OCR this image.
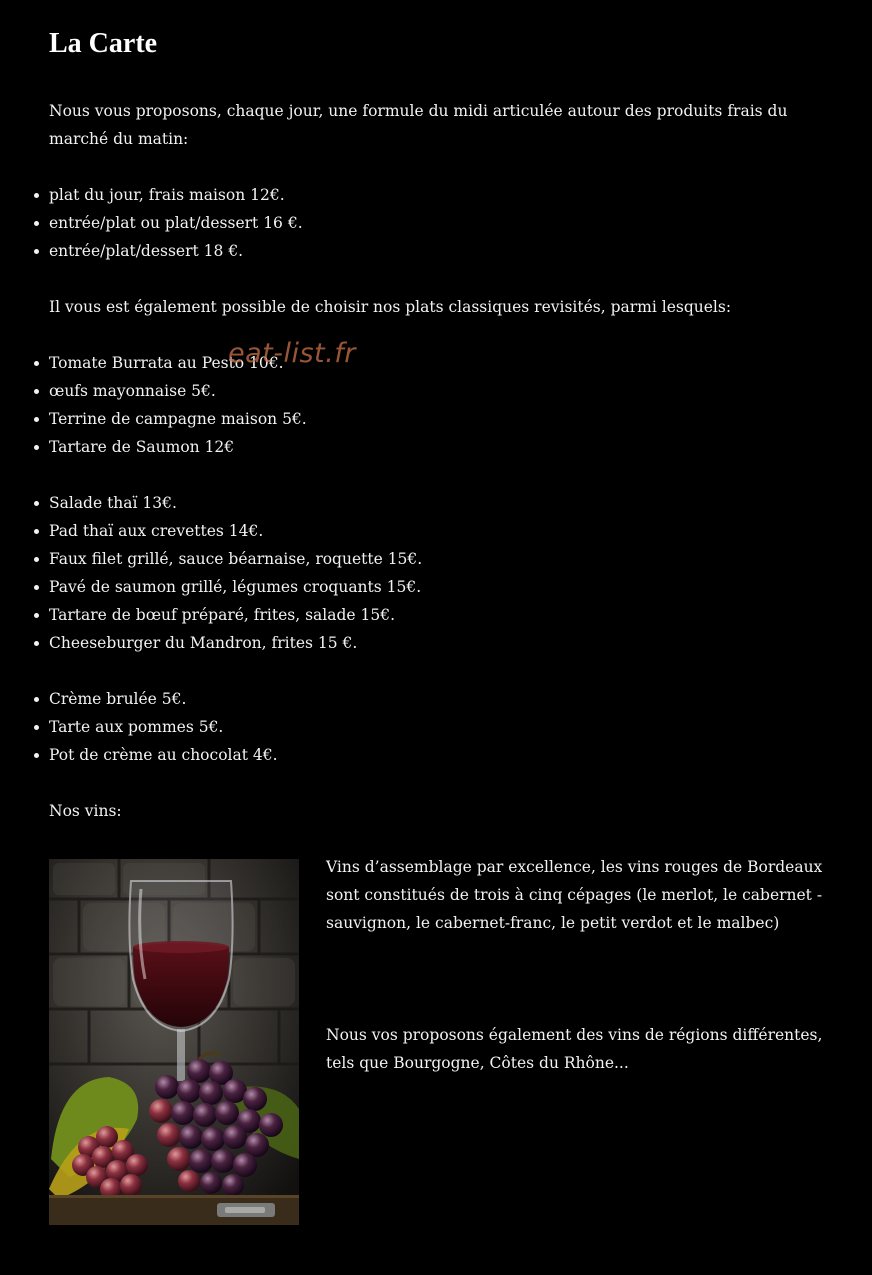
La Carte

Nous vous proposons, chaque jour, une formule du midi articulée autour des produits frais du marché du matin:

plat du jour, frais maison 12€.
entrée/plat ou plat/dessert 16 €.
entrée/plat/dessert 18 €.

Il vous est également possible de choisir nos plats classiques revisités, parmi lesquels:

Tomate Burrata au Pesto 10€.
œufs mayonnaise 5€.
Terrine de campagne maison 5€.
Tartare de Saumon 12€
Salade thaï 13€.
Pad thaï aux crevettes 14€.
Faux filet grillé, sauce béarnaise, roquette 15€.
Pavé de saumon grillé, légumes croquants 15€.
Tartare de bœuf préparé, frites, salade 15€.
Cheeseburger du Mandron, frites 15 €.
Crème brulée 5€.
Tarte aux pommes 5€.
Pot de crème au chocolat 4€.

Nos vins:

Vins d’assemblage par excellence, les vins rouges de Bordeaux sont constitués de trois à cinq cépages (le merlot, le cabernet - sauvignon, le cabernet-franc, le petit verdot et le malbec)

Nous vos proposons également des vins de régions différentes, tels que Bourgogne, Côtes du Rhône...

eat-list.fr
